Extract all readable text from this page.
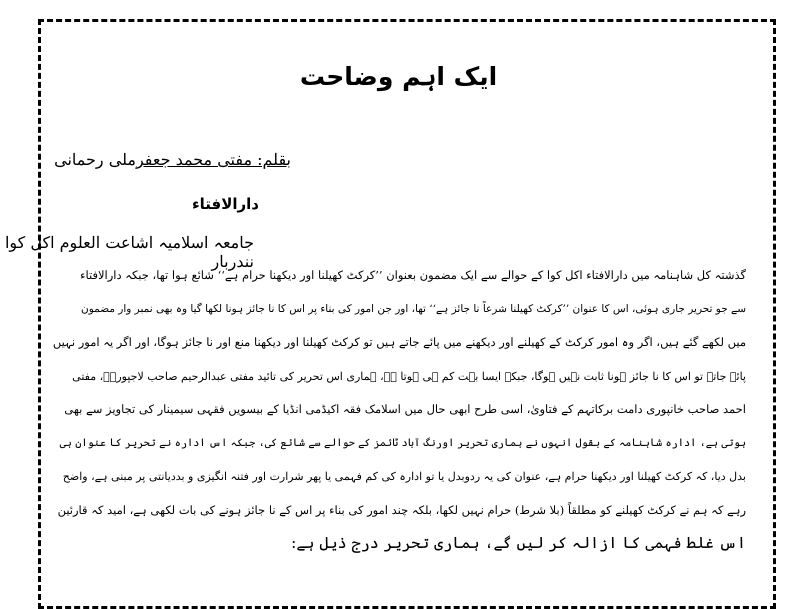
ایک اہم وضاحت
بقلم: مفتی محمد جعفرملی رحمانی
دارالافتاء
جامعہ اسلامیہ اشاعت العلوم اکل کوا نندربار
گذشتہ کل شاہنامہ میں دارالافتاء اکل کوا کے حوالے سے ایک مضمون بعنوان ’’کرکٹ کھیلنا اور دیکھنا حرام ہے‘‘ شائع ہوا تھا، جبکہ دارالافتاء
سے جو تحریر جاری ہوئی، اس کا عنوان ’’کرکٹ کھیلنا شرعاً نا جائز ہے‘‘ تھا، اور جن امور کی بناء پر اس کا نا جائز ہونا لکھا گیا وہ بھی نمبر وار مضمون
میں لکھے گئے ہیں، اگر وہ امور کرکٹ کے کھیلنے اور دیکھنے میں پائے جاتے ہیں تو کرکٹ کھیلنا اور دیکھنا منع اور نا جائز ہوگا، اور اگر یہ امور نہیں
پائے جاتے تو اس کا نا جائز ہونا ثابت نہیں ہوگا، جبکہ ایسا بہت کم ہی ہوتا ہے، ہماری اس تحریر کی تائید مفتی عبدالرحیم صاحب لاجپوریؒ، مفتی
احمد صاحب خانپوری دامت برکاتہم کے فتاویٰ، اسی طرح ابھی حال میں اسلامک فقہ اکیڈمی انڈیا کے بیسویں فقہی سیمینار کی تجاویز سے بھی
ہوتی ہے، ادارہ شاہنامہ کے بقول انہوں نے ہماری تحریر اورنگ آباد ٹائمز کے حوالے سے شائع کی، جبکہ اس ادارہ نے تحریر کا عنوان ہی
بدل دیا، کہ کرکٹ کھیلنا اور دیکھنا حرام ہے، عنوان کی یہ ردوبدل یا تو ادارہ کی کم فہمی یا پھر شرارت اور فتنہ انگیزی و بددیانتی پر مبنی ہے، واضح
رہے کہ ہم نے کرکٹ کھیلنے کو مطلقاً (بلا شرط) حرام نہیں لکھا، بلکہ چند امور کی بناء پر اس کے نا جائز ہونے کی بات لکھی ہے، امید کہ قارئین
اس غلط فہمی کا ازالہ کر لیں گے، ہماری تحریر درج ذیل ہے:
